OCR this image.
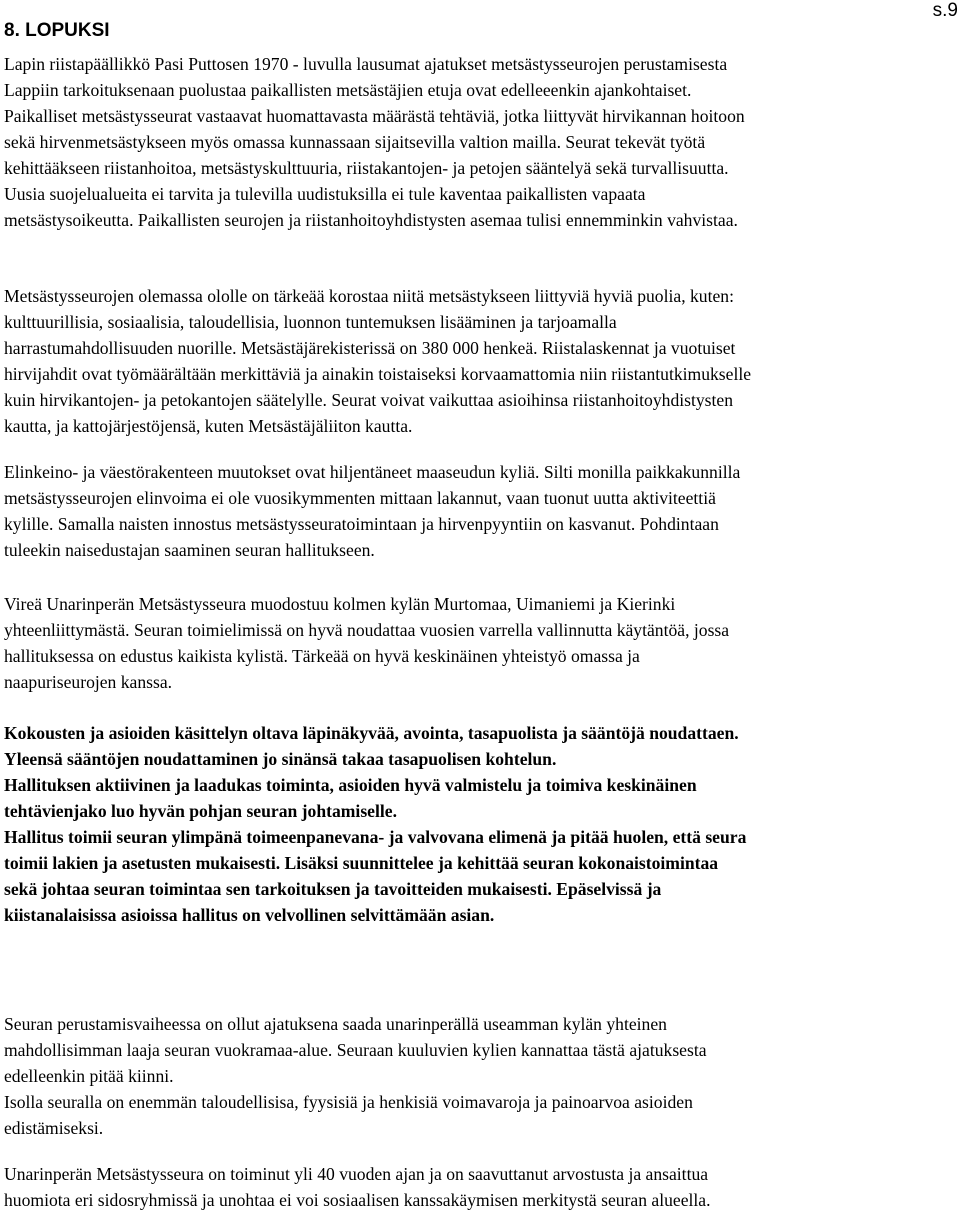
s.9
8. LOPUKSI

Lapin riistapäällikkö Pasi Puttosen 1970 - luvulla lausumat ajatukset metsästysseurojen perustamisesta
Lappiin tarkoituksenaan puolustaa paikallisten metsästäjien etuja ovat edelleeenkin ajankohtaiset.
Paikalliset metsästysseurat vastaavat huomattavasta määrästä tehtäviä, jotka liittyvät hirvikannan hoitoon
sekä hirvenmetsästykseen myös omassa kunnassaan sijaitsevilla valtion mailla. Seurat tekevät työtä
kehittääkseen riistanhoitoa, metsästyskulttuuria, riistakantojen- ja petojen sääntelyä sekä turvallisuutta.
Uusia suojelualueita ei tarvita ja tulevilla uudistuksilla ei tule kaventaa paikallisten vapaata
metsästysoikeutta. Paikallisten seurojen ja riistanhoitoyhdistysten asemaa tulisi ennemminkin vahvistaa.

Metsästysseurojen olemassa ololle on tärkeää korostaa niitä metsästykseen liittyviä hyviä puolia, kuten:
kulttuurillisia, sosiaalisia, taloudellisia, luonnon tuntemuksen lisääminen ja tarjoamalla
harrastumahdollisuuden nuorille. Metsästäjärekisterissä on 380 000 henkeä. Riistalaskennat ja vuotuiset
hirvijahdit ovat työmäärältään merkittäviä ja ainakin toistaiseksi korvaamattomia niin riistantutkimukselle
kuin hirvikantojen- ja petokantojen säätelylle. Seurat voivat vaikuttaa asioihinsa riistanhoitoyhdistysten
kautta, ja kattojärjestöjensä, kuten Metsästäjäliiton kautta.

Elinkeino- ja väestörakenteen muutokset ovat hiljentäneet maaseudun kyliä. Silti monilla paikkakunnilla
metsästysseurojen elinvoima ei ole vuosikymmenten mittaan lakannut, vaan tuonut uutta aktiviteettiä
kylille. Samalla naisten innostus metsästysseuratoimintaan ja hirvenpyyntiin on kasvanut. Pohdintaan
tuleekin naisedustajan saaminen seuran hallitukseen.

Vireä Unarinperän Metsästysseura muodostuu kolmen kylän Murtomaa, Uimaniemi ja Kierinki
yhteenliittymästä. Seuran toimielimissä on hyvä noudattaa vuosien varrella vallinnutta käytäntöä, jossa
hallituksessa on edustus kaikista kylistä. Tärkeää on hyvä keskinäinen yhteistyö omassa ja
naapuriseurojen kanssa.

Kokousten ja asioiden käsittelyn oltava läpinäkyvää, avointa, tasapuolista ja sääntöjä noudattaen.
Yleensä sääntöjen noudattaminen jo sinänsä takaa tasapuolisen kohtelun.
Hallituksen aktiivinen ja laadukas toiminta, asioiden hyvä valmistelu ja toimiva keskinäinen
tehtävienjako luo hyvän pohjan seuran johtamiselle.
Hallitus toimii seuran ylimpänä toimeenpanevana- ja valvovana elimenä ja pitää huolen, että seura
toimii lakien ja asetusten mukaisesti. Lisäksi suunnittelee ja kehittää seuran kokonaistoimintaa
sekä johtaa seuran toimintaa sen tarkoituksen ja tavoitteiden mukaisesti. Epäselvissä ja
kiistanalaisissa asioissa hallitus on velvollinen selvittämään asian.

Seuran perustamisvaiheessa on ollut ajatuksena saada unarinperällä useamman kylän yhteinen
mahdollisimman laaja seuran vuokramaa-alue. Seuraan kuuluvien kylien kannattaa tästä ajatuksesta
edelleenkin pitää kiinni.
Isolla seuralla on enemmän taloudellisisa, fyysisiä ja henkisiä voimavaroja ja painoarvoa asioiden
edistämiseksi.

Unarinperän Metsästysseura on toiminut yli 40 vuoden ajan ja on saavuttanut arvostusta ja ansaittua
huomiota eri sidosryhmissä ja unohtaa ei voi sosiaalisen kanssakäymisen merkitystä seuran alueella.
